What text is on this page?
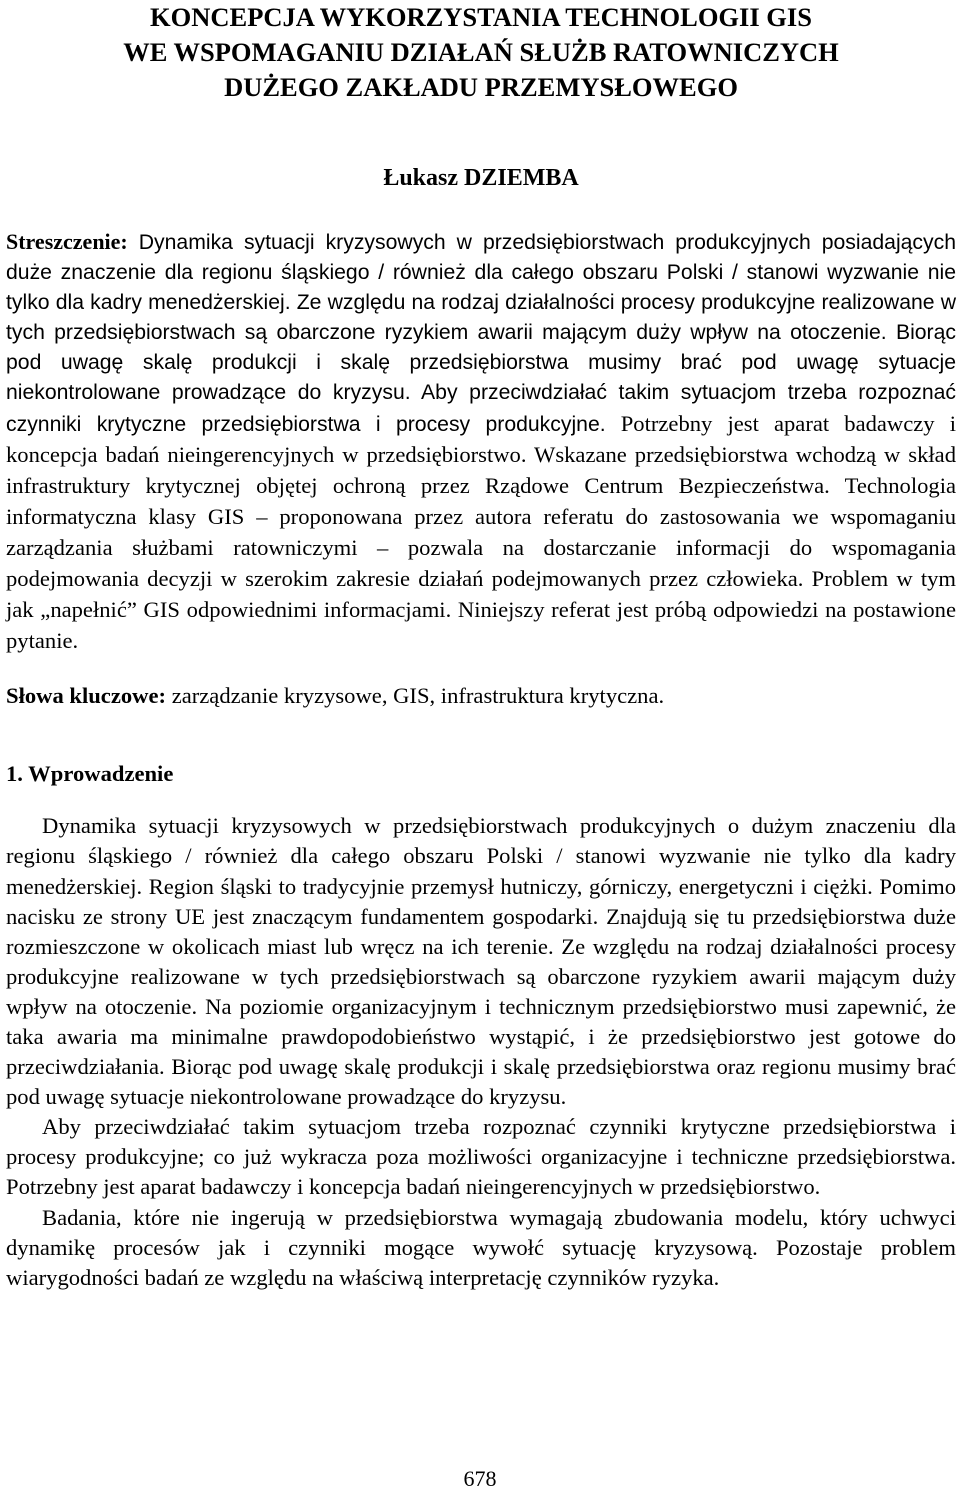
KONCEPCJA WYKORZYSTANIA TECHNOLOGII GIS
WE WSPOMAGANIU DZIAŁAŃ SŁUŻB RATOWNICZYCH
DUŻEGO ZAKŁADU PRZEMYSŁOWEGO
Łukasz DZIEMBA

Streszczenie: Dynamika sytuacji kryzysowych w przedsiębiorstwach produkcyjnych posiadających duże znaczenie dla regionu śląskiego / również dla całego obszaru Polski / stanowi wyzwanie nie tylko dla kadry menedżerskiej. Ze względu na rodzaj działalności procesy produkcyjne realizowane w tych przedsiębiorstwach są obarczone ryzykiem awarii mającym duży wpływ na otoczenie. Biorąc pod uwagę skalę produkcji i skalę przedsiębiorstwa musimy brać pod uwagę sytuacje niekontrolowane prowadzące do kryzysu. Aby przeciwdziałać takim sytuacjom trzeba rozpoznać czynniki krytyczne przedsiębiorstwa i procesy produkcyjne. Potrzebny jest aparat badawczy i koncepcja badań nieingerencyjnych w przedsiębiorstwo. Wskazane przedsiębiorstwa wchodzą w skład infrastruktury krytycznej objętej ochroną przez Rządowe Centrum Bezpieczeństwa. Technologia informatyczna klasy GIS – proponowana przez autora referatu do zastosowania we wspomaganiu zarządzania służbami ratowniczymi – pozwala na dostarczanie informacji do wspomagania podejmowania decyzji w szerokim zakresie działań podejmowanych przez człowieka. Problem w tym jak „napełnić” GIS odpowiednimi informacjami. Niniejszy referat jest próbą odpowiedzi na postawione pytanie.

Słowa kluczowe: zarządzanie kryzysowe, GIS, infrastruktura krytyczna.

1. Wprowadzenie

Dynamika sytuacji kryzysowych w przedsiębiorstwach produkcyjnych o dużym znaczeniu dla regionu śląskiego / również dla całego obszaru Polski / stanowi wyzwanie nie tylko dla kadry menedżerskiej. Region śląski to tradycyjnie przemysł hutniczy, górniczy, energetyczni i ciężki. Pomimo nacisku ze strony UE jest znaczącym fundamentem gospodarki. Znajdują się tu przedsiębiorstwa duże rozmieszczone w okolicach miast lub wręcz na ich terenie. Ze względu na rodzaj działalności procesy produkcyjne realizowane w tych przedsiębiorstwach są obarczone ryzykiem awarii mającym duży wpływ na otoczenie. Na poziomie organizacyjnym i technicznym przedsiębiorstwo musi zapewnić, że taka awaria ma minimalne prawdopodobieństwo wystąpić, i że przedsiębiorstwo jest gotowe do przeciwdziałania. Biorąc pod uwagę skalę produkcji i skalę przedsiębiorstwa oraz regionu musimy brać pod uwagę sytuacje niekontrolowane prowadzące do kryzysu.

Aby przeciwdziałać takim sytuacjom trzeba rozpoznać czynniki krytyczne przedsiębiorstwa i procesy produkcyjne; co już wykracza poza możliwości organizacyjne i techniczne przedsiębiorstwa. Potrzebny jest aparat badawczy i koncepcja badań nieingerencyjnych w przedsiębiorstwo.

Badania, które nie ingerują w przedsiębiorstwa wymagają zbudowania modelu, który uchwyci dynamikę procesów jak i czynniki mogące wywołć sytuację kryzysową. Pozostaje problem wiarygodności badań ze względu na właściwą interpretację czynników ryzyka.

678
